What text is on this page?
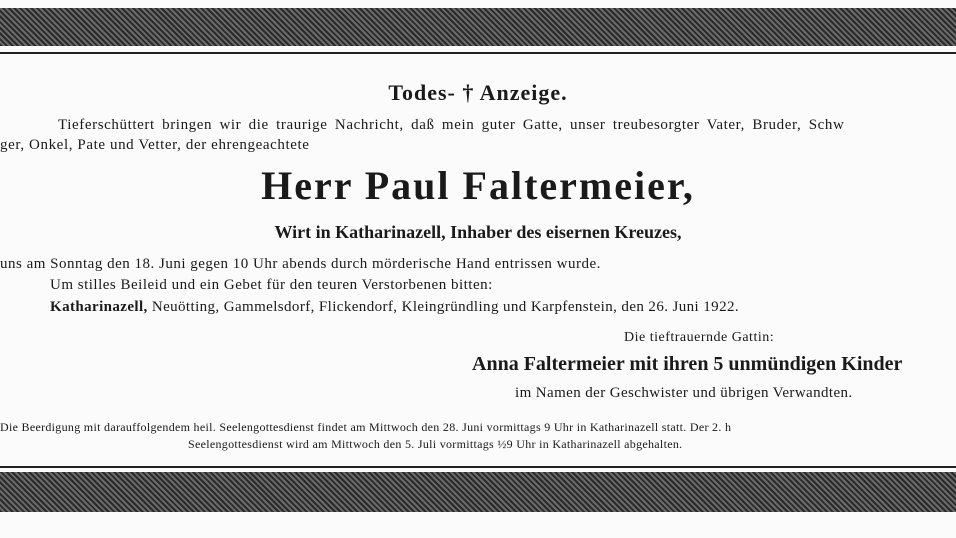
Todes- † Anzeige.
Tieferschüttert bringen wir die traurige Nachricht, daß mein guter Gatte, unser treubesorgter Vater, Bruder, Schw
ger, Onkel, Pate und Vetter, der ehrengeachtete
Herr Paul Faltermeier,
Wirt in Katharinazell, Inhaber des eisernen Kreuzes,
uns am Sonntag den 18. Juni gegen 10 Uhr abends durch mörderische Hand entrissen wurde.
Um stilles Beileid und ein Gebet für den teuren Verstorbenen bitten:
Katharinazell, Neuötting, Gammelsdorf, Flickendorf, Kleingründling und Karpfenstein, den 26. Juni 1922.
Die tieftrauernde Gattin:
Anna Faltermeier mit ihren 5 unmündigen Kinder
im Namen der Geschwister und übrigen Verwandten.
Die Beerdigung mit darauffolgendem heil. Seelengottesdienst findet am Mittwoch den 28. Juni vormittags 9 Uhr in Katharinazell statt. Der 2. h
Seelengottesdienst wird am Mittwoch den 5. Juli vormittags ½9 Uhr in Katharinazell abgehalten.
